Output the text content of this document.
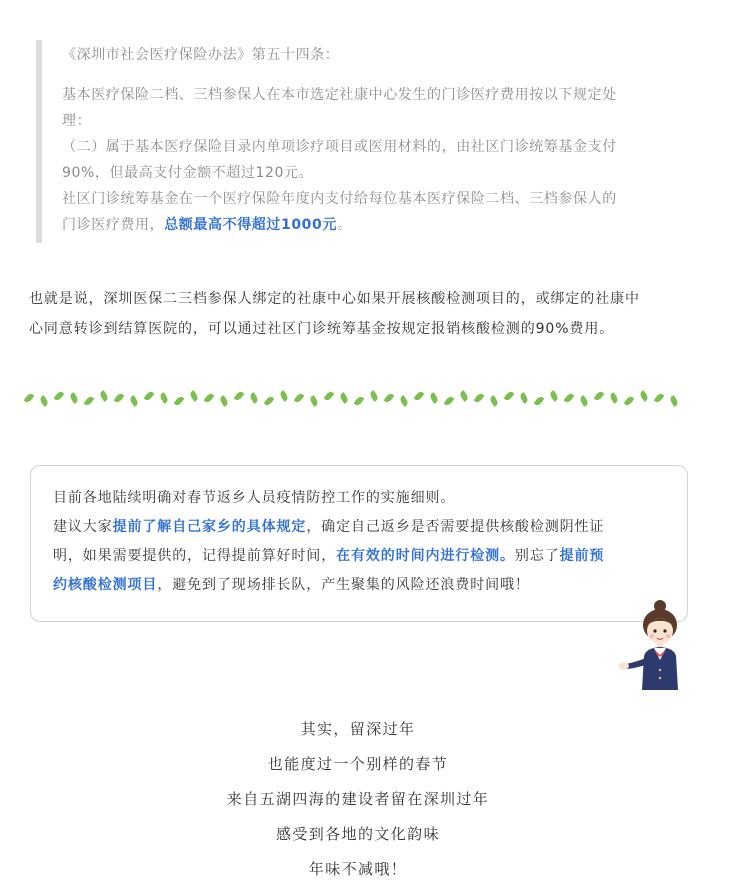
《深圳市社会医疗保险办法》第五十四条：

基本医疗保险二档、三档参保人在本市选定社康中心发生的门诊医疗费用按以下规定处

理：

（二）属于基本医疗保险目录内单项诊疗项目或医用材料的，由社区门诊统筹基金支付

90%，但最高支付金额不超过120元。

社区门诊统筹基金在一个医疗保险年度内支付给每位基本医疗保险二档、三档参保人的

门诊医疗费用，总额最高不得超过1000元。

也就是说，深圳医保二三档参保人绑定的社康中心如果开展核酸检测项目的，或绑定的社康中

心同意转诊到结算医院的，可以通过社区门诊统筹基金按规定报销核酸检测的90%费用。

目前各地陆续明确对春节返乡人员疫情防控工作的实施细则。

建议大家提前了解自己家乡的具体规定，确定自己返乡是否需要提供核酸检测阴性证

明，如果需要提供的，记得提前算好时间，在有效的时间内进行检测。别忘了提前预

约核酸检测项目，避免到了现场排长队，产生聚集的风险还浪费时间哦！

其实，留深过年

也能度过一个别样的春节

来自五湖四海的建设者留在深圳过年

感受到各地的文化韵味

年味不减哦！
